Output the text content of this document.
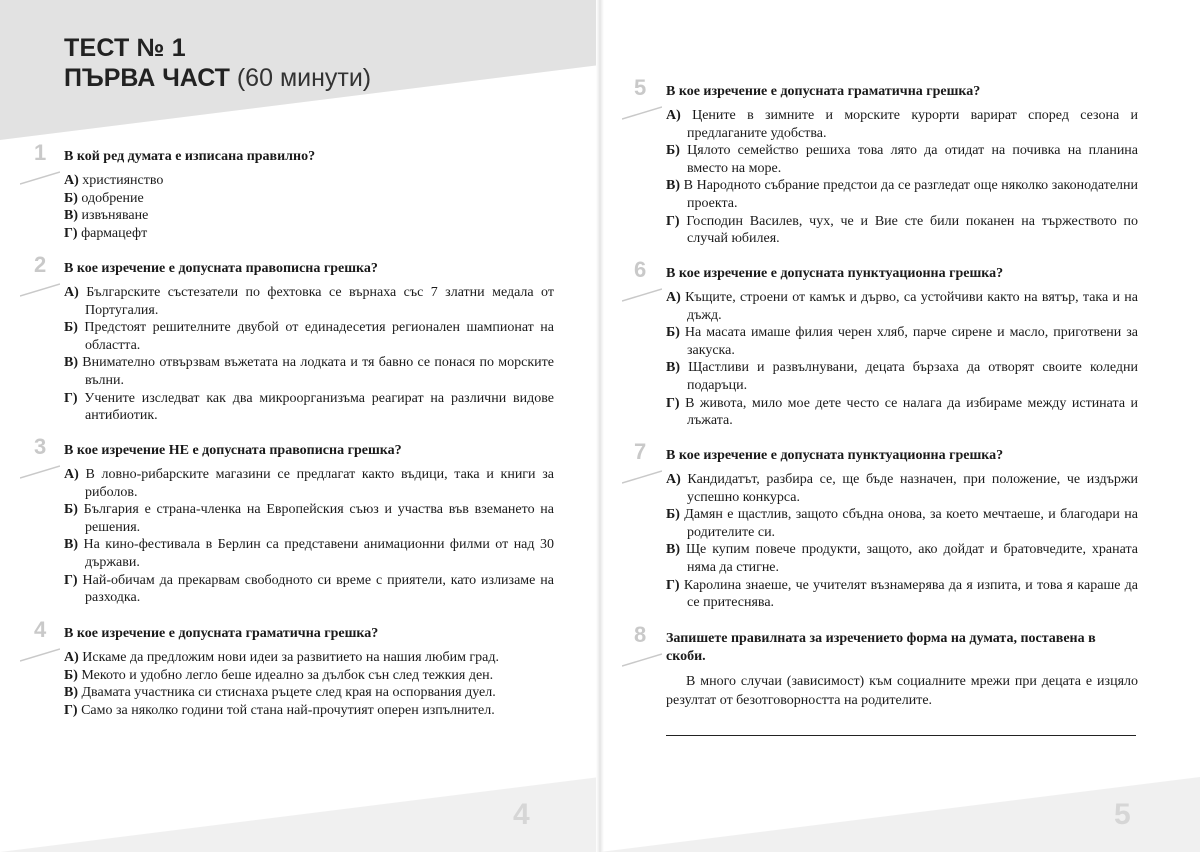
ТЕСТ № 1
ПЪРВА ЧАСТ (60 минути)
1 В кой ред думата е изписана правилно?

А) християнство

Б) одобрение

В) извъняване

Г) фармацефт

2 В кое изречение е допусната правописна грешка?

А) Българските състезатели по фехтовка се върнаха със 7 златни медала от Португалия.

Б) Предстоят решителните двубой от единадесетия регионален шампионат на областта.

В) Внимателно отвързвам въжетата на лодката и тя бавно се понася по морските вълни.

Г) Учените изследват как два микроорганизъма реагират на различни видове антибиотик.

3 В кое изречение НЕ е допусната правописна грешка?

А) В ловно-рибарските магазини се предлагат както въдици, така и книги за риболов.

Б) България е страна-членка на Европейския съюз и участва във вземането на решения.

В) На кино-фестивала в Берлин са представени анимационни филми от над 30 държави.

Г) Най-обичам да прекарвам свободното си време с приятели, като излизаме на разходка.

4 В кое изречение е допусната граматична грешка?

А) Искаме да предложим нови идеи за развитието на нашия любим град.

Б) Мекото и удобно легло беше идеално за дълбок сън след тежкия ден.

В) Двамата участника си стиснаха ръцете след края на оспорвания дуел.

Г) Само за няколко години той стана най-прочутият оперен изпълнител.

4
5 В кое изречение е допусната граматична грешка?

А) Цените в зимните и морските курорти варират според сезона и предлаганите удобства.

Б) Цялото семейство решихa това лято да отидат на почивка на планина вместо на море.

В) В Народното събрание предстои да се разгледат още няколко законодателни проекта.

Г) Господин Василев, чух, че и Вие сте били поканен на тържеството по случай юбилея.

6 В кое изречение е допусната пунктуационна грешка?

А) Къщите, строени от камък и дърво, са устойчиви както на вятър, така и на дъжд.

Б) На масата имаше филия черен хляб, парче сирене и масло, приготвени за закуска.

В) Щастливи и развълнувани, децата бързаха да отворят своите коледни подаръци.

Г) В живота, мило мое дете често се налага да избираме между истината и лъжата.

7 В кое изречение е допусната пунктуационна грешка?

А) Кандидатът, разбира се, ще бъде назначен, при положение, че издържи успешно конкурса.

Б) Дамян е щастлив, защото сбъдна онова, за което мечтаеше, и благодари на родителите си.

В) Ще купим повече продукти, защото, ако дойдат и братовчедите, храната няма да стигне.

Г) Каролина знаеше, че учителят възнамерява да я изпита, и това я караше да се притеснява.

8 Запишете правилната за изречението форма на думата, поставена в скоби.

В много случаи (зависимост) към социалните мрежи при децата е изцяло резултат от безотговорността на родителите.

5
